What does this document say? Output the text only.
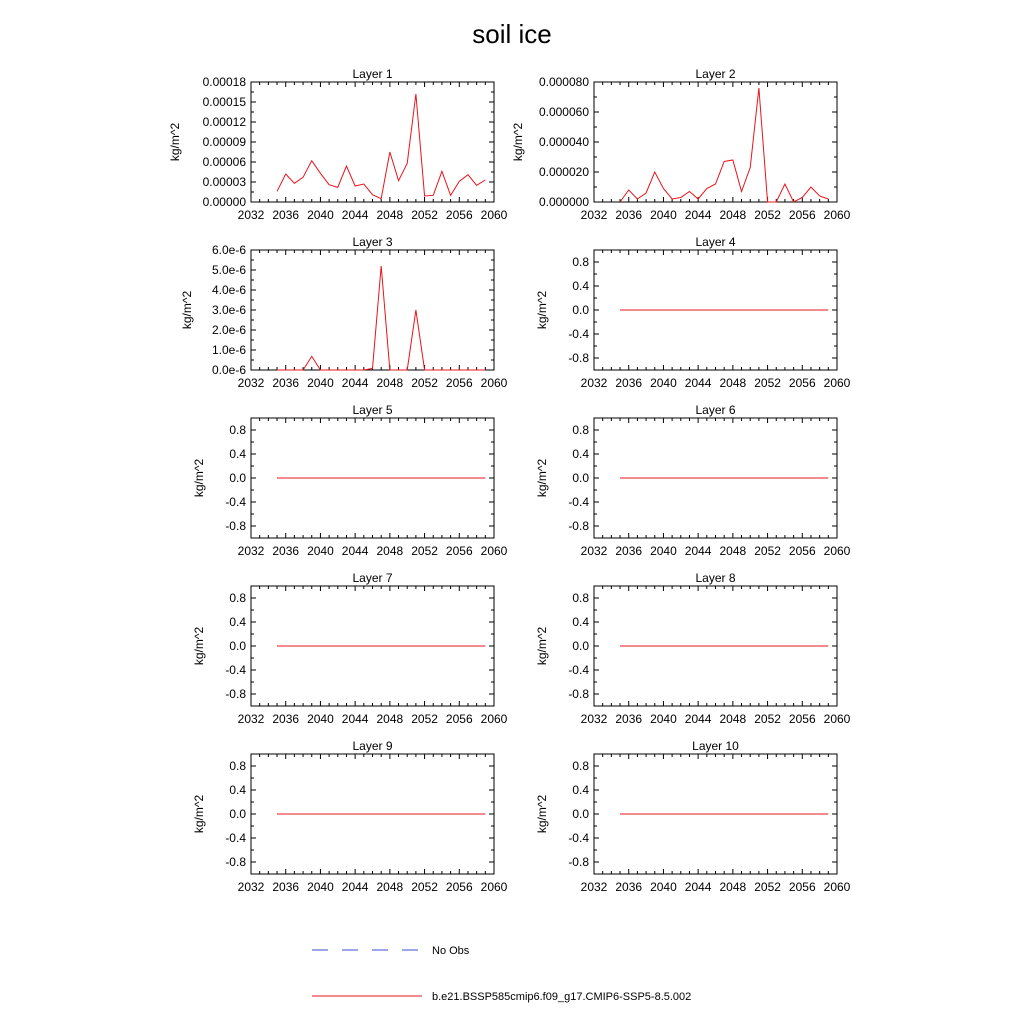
soil ice
Layer 1
2032 2036 2040 2044 2048 2052 2056 2060
0.00000
0.00003
0.00006
0.00009
0.00012
0.00015
0.00018
kg/m^2
Layer 2
2032 2036 2040 2044 2048 2052 2056 2060
0.000000
0.000020
0.000040
0.000060
0.000080
kg/m^2
Layer 3
2032 2036 2040 2044 2048 2052 2056 2060
0.0e-6
1.0e-6
2.0e-6
3.0e-6
4.0e-6
5.0e-6
6.0e-6
kg/m^2
Layer 4
2032 2036 2040 2044 2048 2052 2056 2060
-0.8
-0.4
0.0
0.4
0.8
kg/m^2
Layer 5
2032 2036 2040 2044 2048 2052 2056 2060
-0.8
-0.4
0.0
0.4
0.8
kg/m^2
Layer 6
2032 2036 2040 2044 2048 2052 2056 2060
-0.8
-0.4
0.0
0.4
0.8
kg/m^2
Layer 7
2032 2036 2040 2044 2048 2052 2056 2060
-0.8
-0.4
0.0
0.4
0.8
kg/m^2
Layer 8
2032 2036 2040 2044 2048 2052 2056 2060
-0.8
-0.4
0.0
0.4
0.8
kg/m^2
Layer 9
2032 2036 2040 2044 2048 2052 2056 2060
-0.8
-0.4
0.0
0.4
0.8
kg/m^2
Layer 10
2032 2036 2040 2044 2048 2052 2056 2060
-0.8
-0.4
0.0
0.4
0.8
kg/m^2
No Obs
b.e21.BSSP585cmip6.f09_g17.CMIP6-SSP5-8.5.002
